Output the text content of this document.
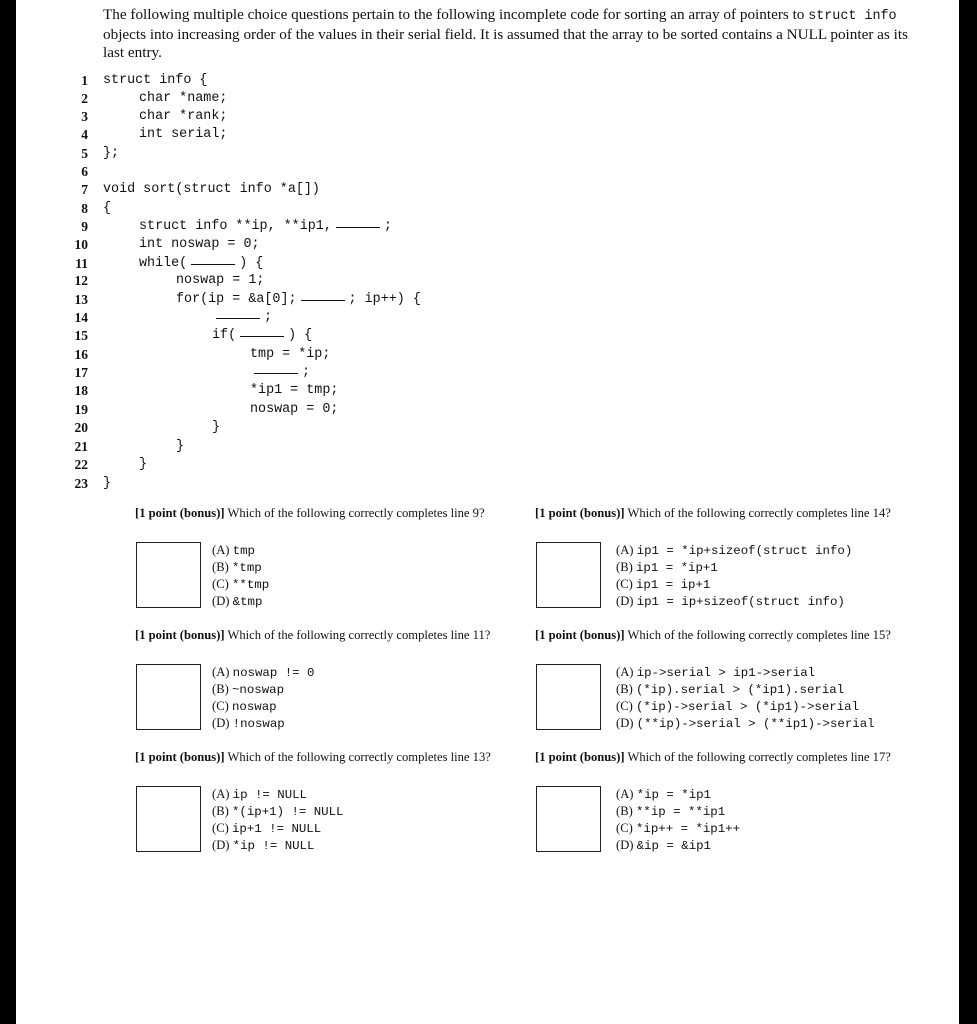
The following multiple choice questions pertain to the following incomplete code for sorting an array of pointers to struct info objects into increasing order of the values in their serial field. It is assumed that the array to be sorted contains a NULL pointer as its last entry.
1 struct info {
2	char *name;
3	char *rank;
4	int serial;
5 };
6
7 void sort(struct info *a[])
8 {
9	struct info **ip, **ip1,	;
10	int noswap = 0;
11	while(	) {
12	noswap = 1;
13	for(ip = &a[0];	; ip++) {
14	;
15	if(	) {
16	tmp = *ip;
17	;
18	*ip1 = tmp;
19	noswap = 0;
20	}
21	}
22	}
23 }
[1 point (bonus)] Which of the following correctly completes line 9?
(A) tmp
(B) *tmp
(C) **tmp
(D) &tmp
[1 point (bonus)] Which of the following correctly completes line 14?
(A) ip1 = *ip+sizeof(struct info)
(B) ip1 = *ip+1
(C) ip1 = ip+1
(D) ip1 = ip+sizeof(struct info)
[1 point (bonus)] Which of the following correctly completes line 11?
(A) noswap != 0
(B) ~noswap
(C) noswap
(D) !noswap
[1 point (bonus)] Which of the following correctly completes line 15?
(A) ip->serial > ip1->serial
(B) (*ip).serial > (*ip1).serial
(C) (*ip)->serial > (*ip1)->serial
(D) (**ip)->serial > (**ip1)->serial
[1 point (bonus)] Which of the following correctly completes line 13?
(A) ip != NULL
(B) *(ip+1) != NULL
(C) ip+1 != NULL
(D) *ip != NULL
[1 point (bonus)] Which of the following correctly completes line 17?
(A) *ip = *ip1
(B) **ip = **ip1
(C) *ip++ = *ip1++
(D) &ip = &ip1
